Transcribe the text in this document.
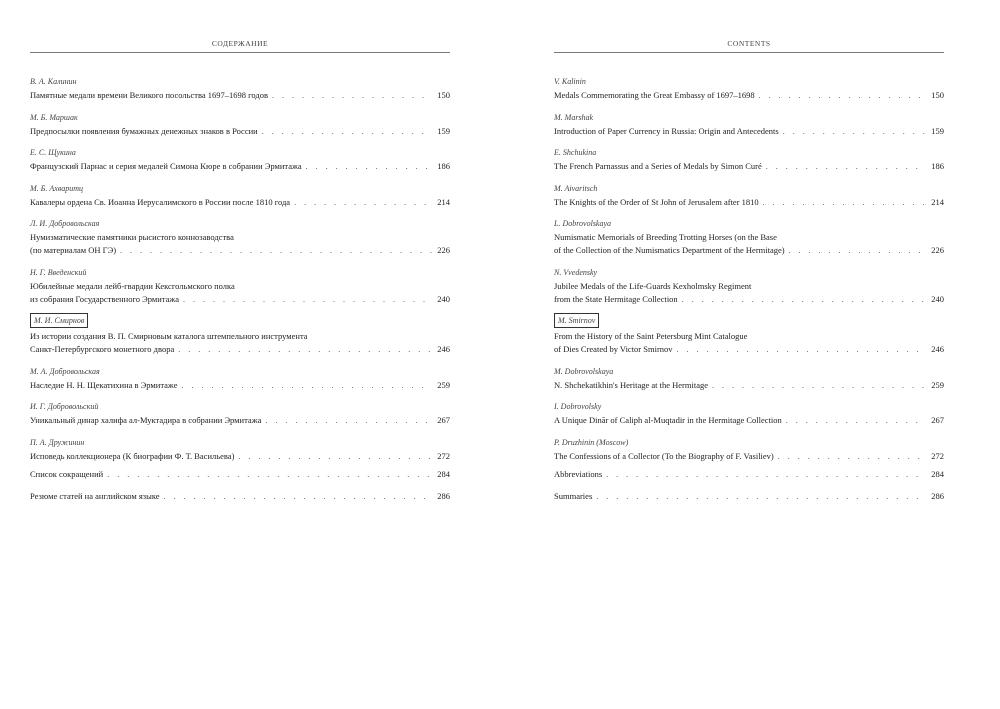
СОДЕРЖАНИЕ
В. А. Калинин
Памятные медали времени Великого посольства 1697–1698 годов . . .	150
М. Б. Маршак
Предпосылки появления бумажных денежных знаков в России . . .	159
Е. С. Щукина
Французский Парнас и серия медалей Симона Кюре в собрании Эрмитажа . . .	186
М. Б. Ахваритц
Кавалеры ордена Св. Иоанна Иерусалимского в России после 1810 года . . .	214
Л. И. Добровольская
Нумизматические памятники рысистого коннозаводства
(по материалам ОН ГЭ) . . .	226
Н. Г. Введенский
Юбилейные медали лейб-гвардии Кексгольмского полка
из собрания Государственного Эрмитажа . . .	240
М. И. Смирнов
Из истории создания В. П. Смирновым каталога штемпельного инструмента
Санкт-Петербургского монетного двора . . .	246
М. А. Добровольская
Наследие Н. Н. Щекатихина в Эрмитаже . . .	259
И. Г. Добровольский
Уникальный динар халифа ал-Муктадира в собрании Эрмитажа . . .	267
П. А. Дружинин
Исповедь коллекционера (К биографии Ф. Т. Васильева) . . .	272
Список сокращений . . .	284
Резюме статей на английском языке . . .	286
CONTENTS
V. Kalinin
Medals Commemorating the Great Embassy of 1697–1698 . . .	150
M. Marshak
Introduction of Paper Currency in Russia: Origin and Antecedents . . .	159
E. Shchukina
The French Parnassus and a Series of Medals by Simon Curé . . .	186
M. Aivaritsch
The Knights of the Order of St John of Jerusalem after 1810 . . .	214
L. Dobrovolskaya
Numismatic Memorials of Breeding Trotting Horses (on the Base
of the Collection of the Numismatics Department of the Hermitage) . . .	226
N. Vvedensky
Jubilee Medals of the Life-Guards Kexholmsky Regiment
from the State Hermitage Collection . . .	240
M. Smirnov
From the History of the Saint Petersburg Mint Catalogue
of Dies Created by Victor Smirnov . . .	246
M. Dobrovolskaya
N. Shchekatikhin's Heritage at the Hermitage . . .	259
I. Dobrovolsky
A Unique Dinār of Caliph al-Muqtadir in the Hermitage Collection . . .	267
P. Druzhinin (Moscow)
The Confessions of a Collector (To the Biography of F. Vasiliev) . . .	272
Abbreviations . . .	284
Summaries . . .	286
